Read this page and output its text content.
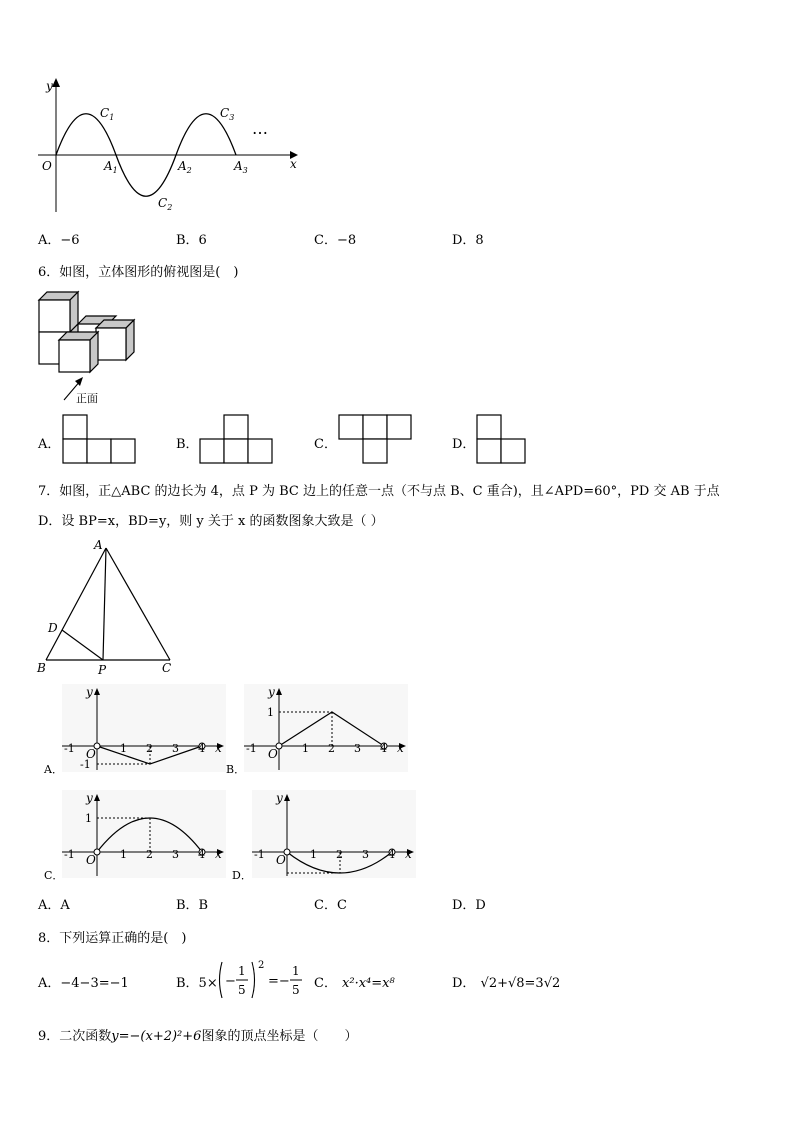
y
x
O
$C_1$
$C_2$
$C_3$
$A_1$	$A_2$	$A_3$
…
A．−6	B．6	C．−8	D．8
6．如图，立体图形的俯视图是(　)
正面
A．	B．	C．	D．
7．如图，正△ABC 的边长为 4，点 P 为 BC 边上的任意一点（不与点 B、C 重合)，且∠APD=60°，PD 交 AB 于点
D．设 BP=x，BD=y，则 y 关于 x 的函数图象大致是（ ）
A
B	C
D
P
y
-1 O 1 2 3 4 x
-1
A．
y
1
-1 O 1 2 3 4 x
B．
y
1
-1 O 1 2 3 4 x
C．
y
-1 O 1 2 3 4 x
D．
A．A	B．B	C．C	D．D
8．下列运算正确的是(　)
A．−4−3=−1	B．5× −
1
5
2
=−
1
5 C． x²·x⁴=x⁸	D． √2+√8=3√2
9．二次函数y=−(x+2)²+6图象的顶点坐标是（　　）
